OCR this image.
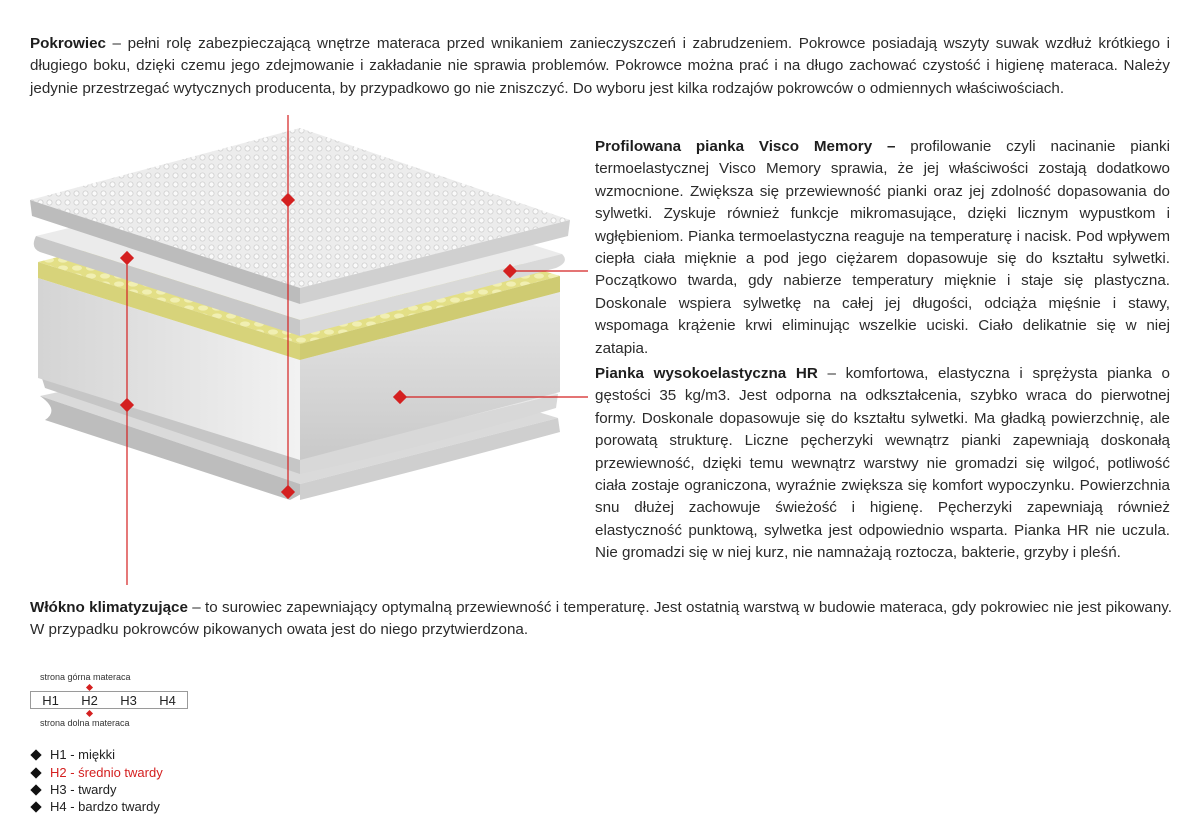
Pokrowiec – pełni rolę zabezpieczającą wnętrze materaca przed wnikaniem zanieczyszczeń i zabrudzeniem. Pokrowce posiadają wszyty suwak wzdłuż krótkiego i długiego boku, dzięki czemu jego zdejmowanie i zakładanie nie sprawia problemów. Pokrowce można prać i na długo zachować czystość i higienę materaca. Należy jedynie przestrzegać wytycznych producenta, by przypadkowo go nie zniszczyć. Do wyboru jest kilka rodzajów pokrowców o odmiennych właściwościach.
Profilowana pianka Visco Memory – profilowanie czyli nacinanie pianki termoelastycznej Visco Memory sprawia, że jej właściwości zostają dodatkowo wzmocnione. Zwiększa się przewiewność pianki oraz jej zdolność dopasowania do sylwetki. Zyskuje również funkcje mikromasujące, dzięki licznym wypustkom i wgłębieniom. Pianka termoelastyczna reaguje na temperaturę i nacisk. Pod wpływem ciepła ciała mięknie a pod jego ciężarem dopasowuje się do kształtu sylwetki. Początkowo twarda, gdy nabierze temperatury mięknie i staje się plastyczna. Doskonale wspiera sylwetkę na całej jej długości, odciąża mięśnie i stawy, wspomaga krążenie krwi eliminując wszelkie uciski. Ciało delikatnie się w niej zatapia.
Pianka wysokoelastyczna HR – komfortowa, elastyczna i sprężysta pianka o gęstości 35 kg/m3. Jest odporna na odkształcenia, szybko wraca do pierwotnej formy. Doskonale dopasowuje się do kształtu sylwetki. Ma gładką powierzchnię, ale porowatą strukturę. Liczne pęcherzyki wewnątrz pianki zapewniają doskonałą przewiewność, dzięki temu wewnątrz warstwy nie gromadzi się wilgoć, potliwość ciała zostaje ograniczona, wyraźnie zwiększa się komfort wypoczynku. Powierzchnia snu dłużej zachowuje świeżość i higienę. Pęcherzyki zapewniają również elastyczność punktową, sylwetka jest odpowiednio wsparta. Pianka HR nie uczula. Nie gromadzi się w niej kurz, nie namnażają roztocza, bakterie, grzyby i pleśń.
Włókno klimatyzujące – to surowiec zapewniający optymalną przewiewność i temperaturę. Jest ostatnią warstwą w budowie materaca, gdy pokrowiec nie jest pikowany. W przypadku pokrowców pikowanych owata jest do niego przytwierdzona.
strona górna materaca
H1 H2 H3 H4
strona dolna materaca
H1 - miękki
H2 - średnio twardy
H3 - twardy
H4 - bardzo twardy
